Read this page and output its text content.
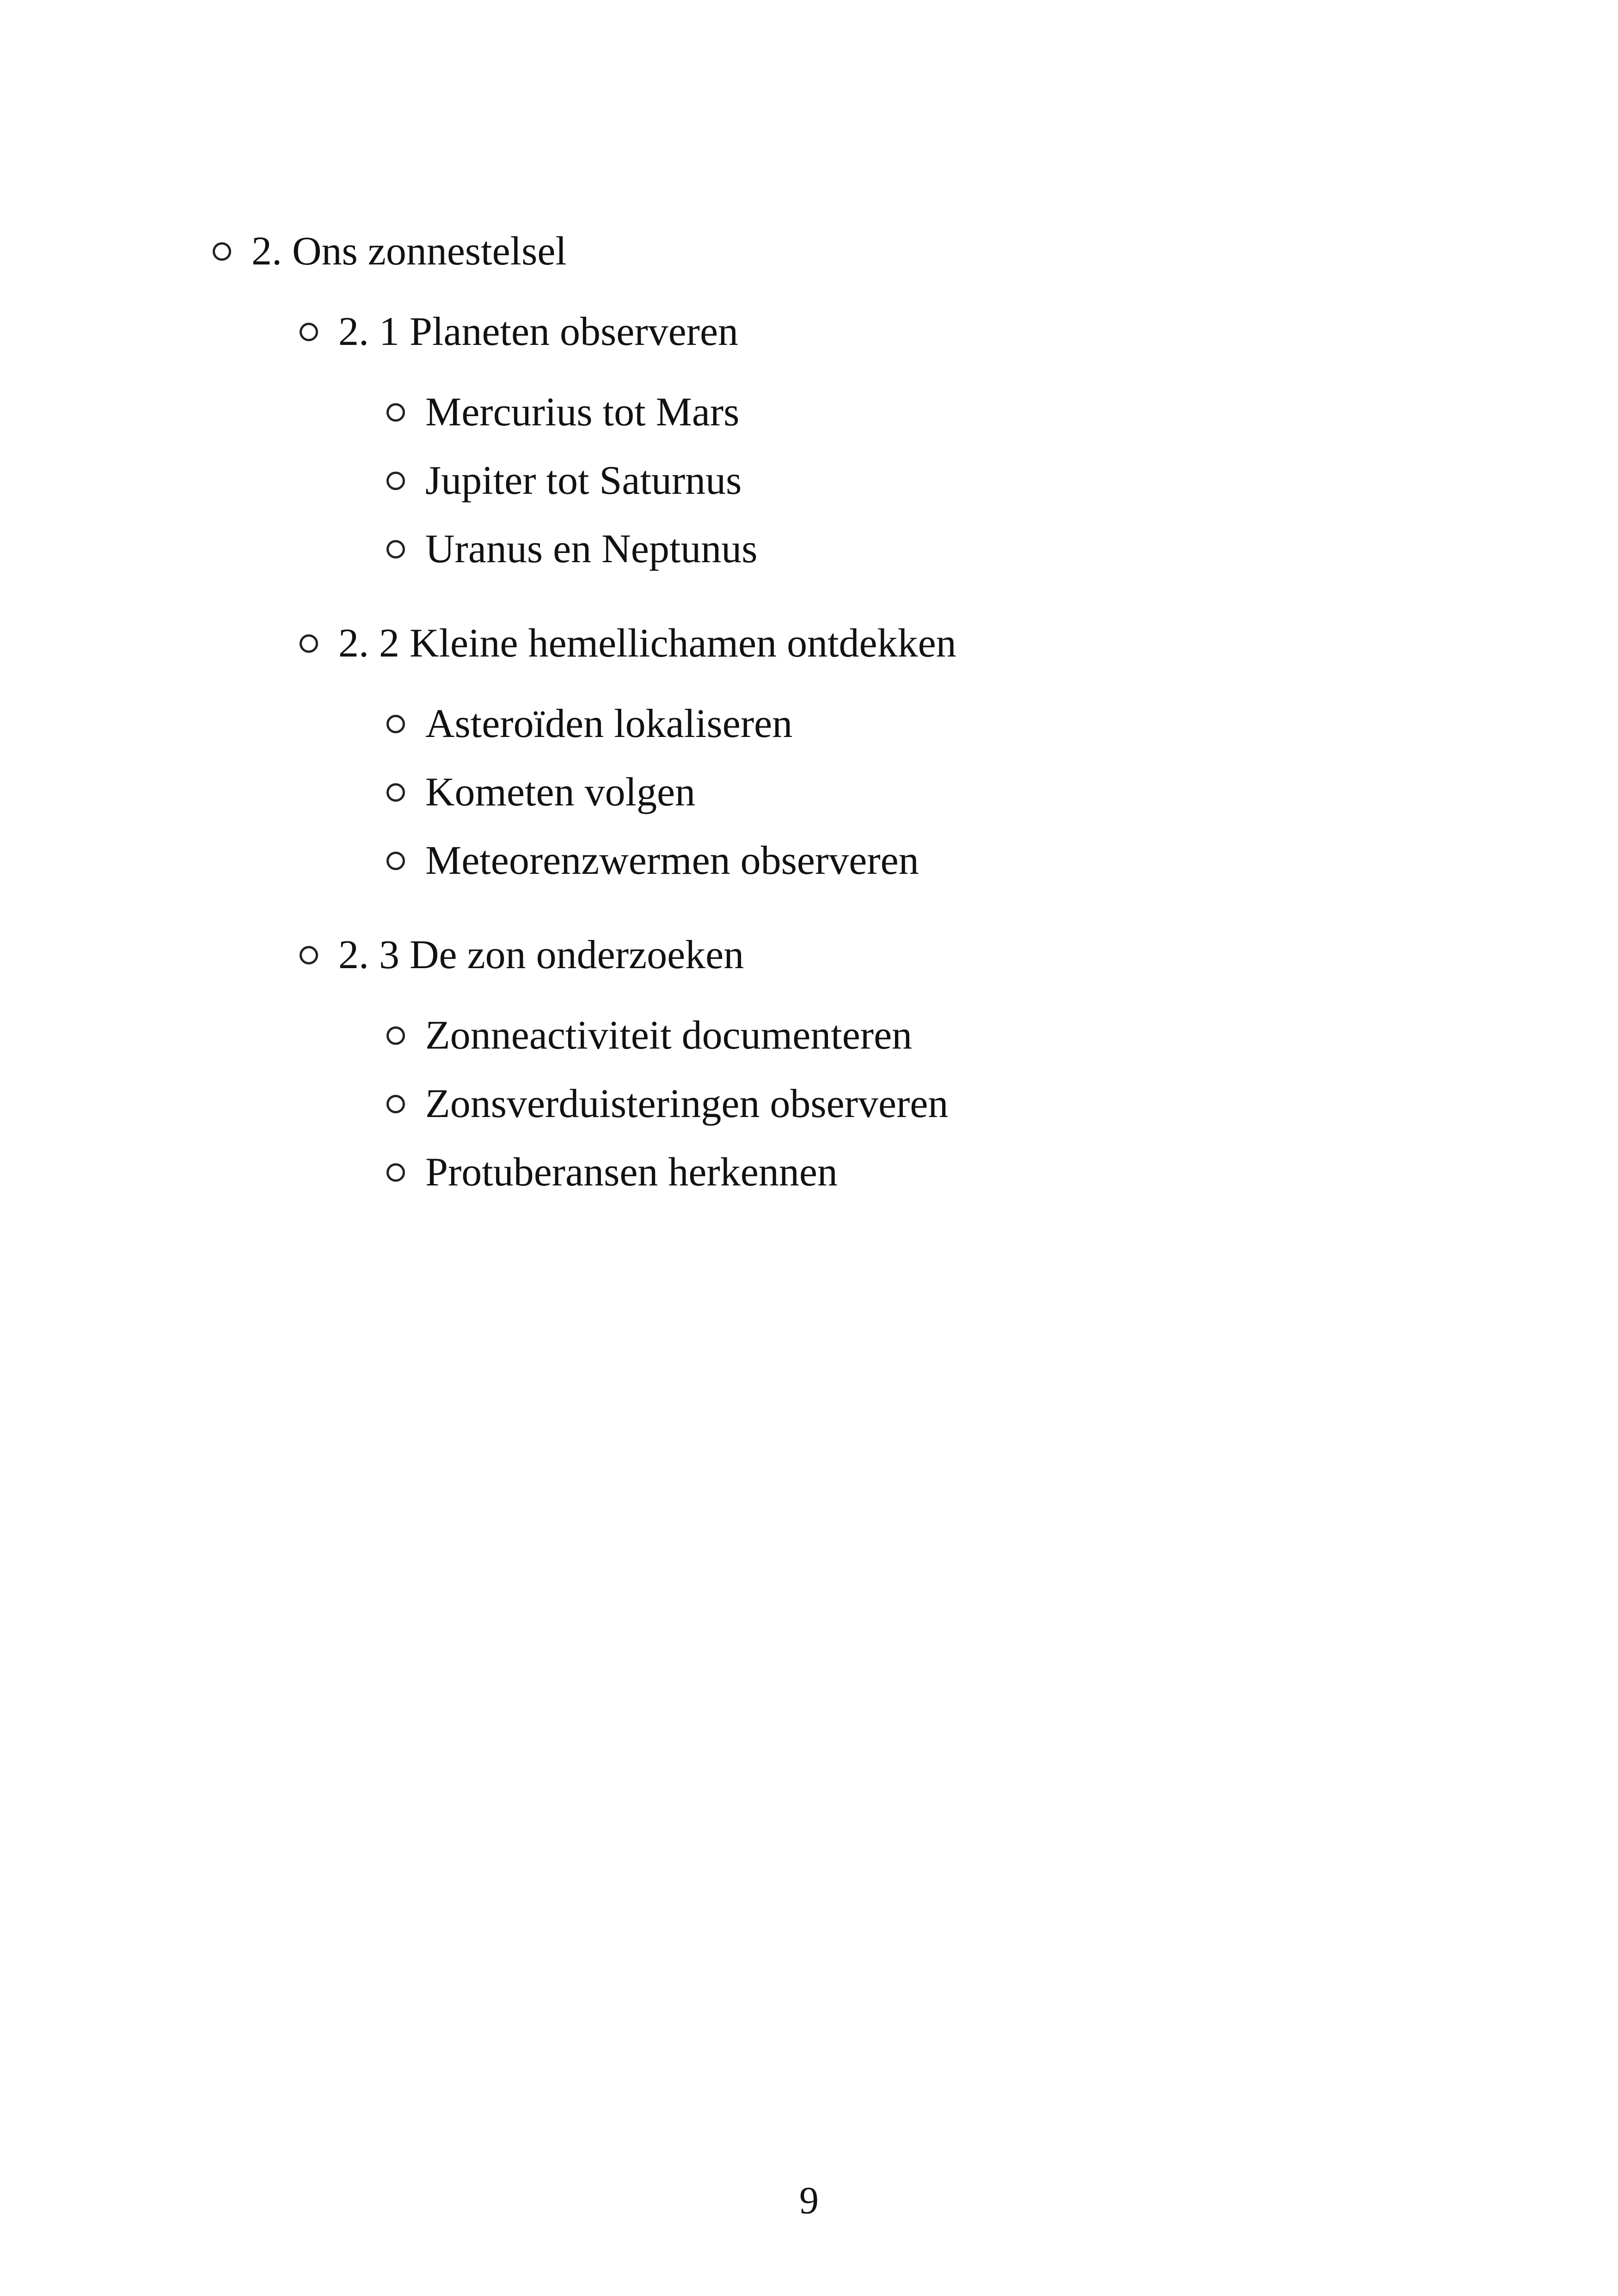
2. Ons zonnestelsel
2. 1 Planeten observeren
Mercurius tot Mars
Jupiter tot Saturnus
Uranus en Neptunus
2. 2 Kleine hemellichamen ontdekken
Asteroïden lokaliseren
Kometen volgen
Meteorenzwermen observeren
2. 3 De zon onderzoeken
Zonneactiviteit documenteren
Zonsverduisteringen observeren
Protuberansen herkennen
9
